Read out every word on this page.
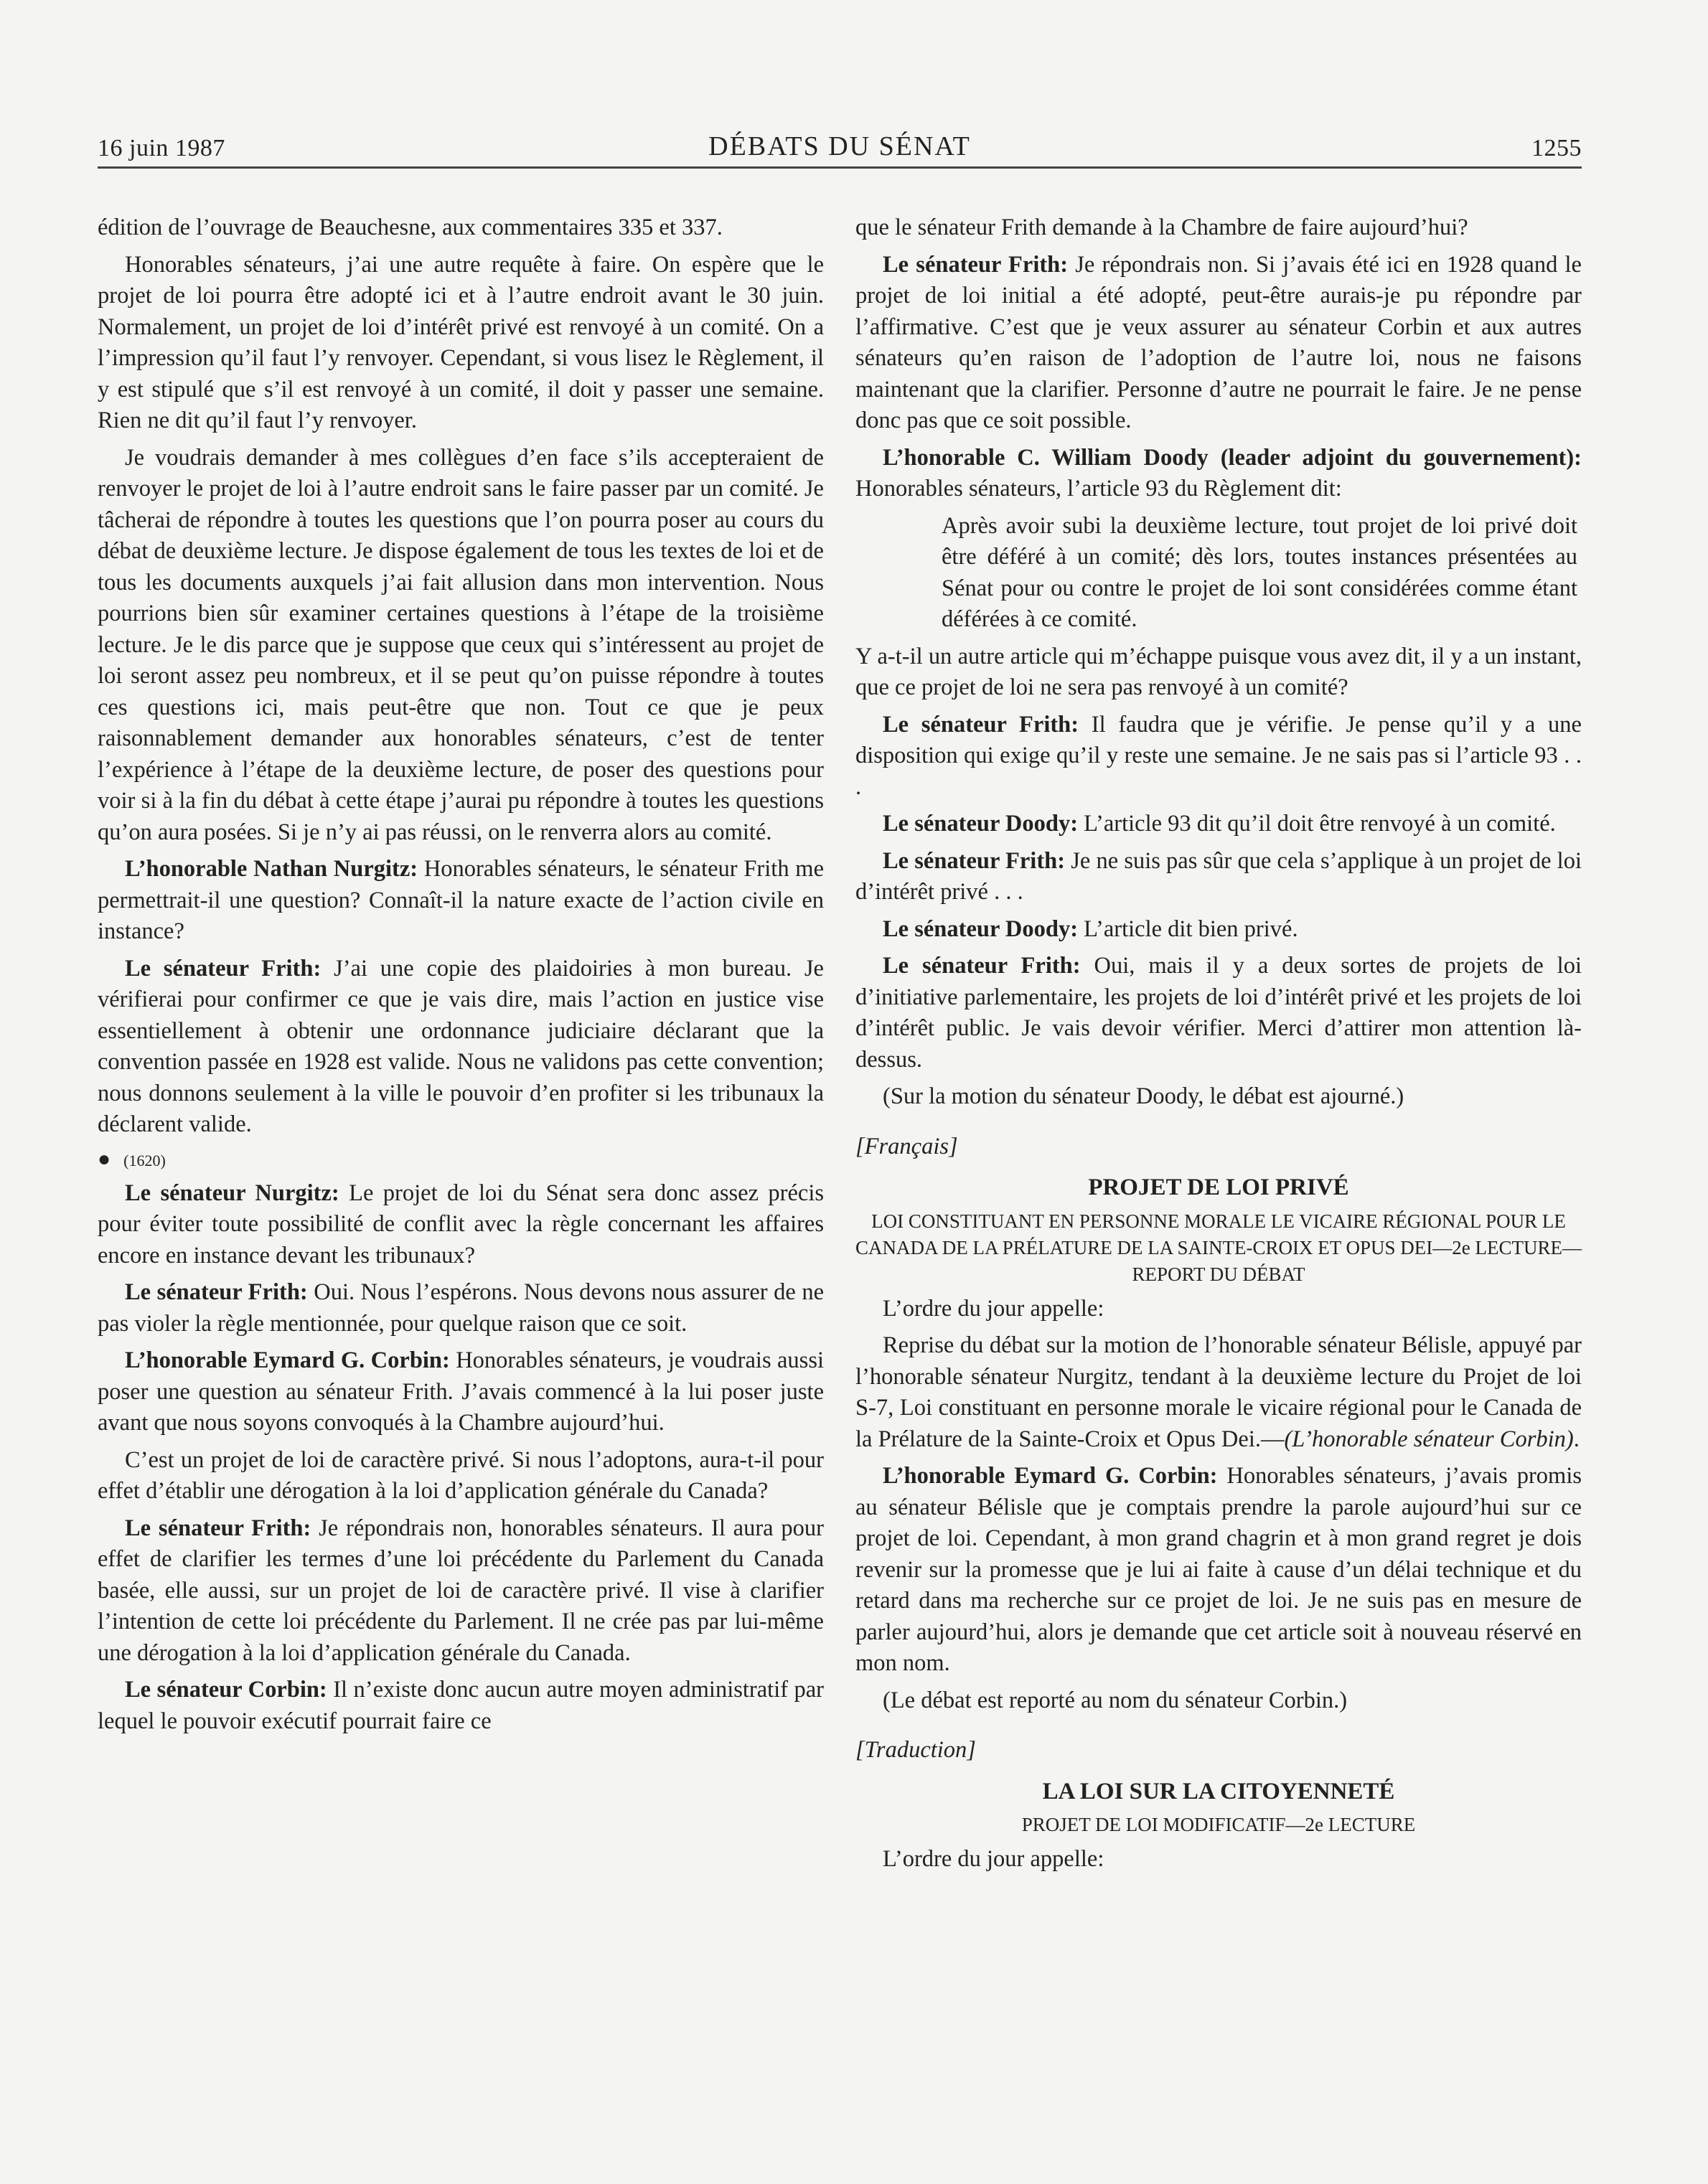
16 juin 1987	DÉBATS DU SÉNAT	1255

édition de l’ouvrage de Beauchesne, aux commentaires 335 et 337.

Honorables sénateurs, j’ai une autre requête à faire. On espère que le projet de loi pourra être adopté ici et à l’autre endroit avant le 30 juin. Normalement, un projet de loi d’intérêt privé est renvoyé à un comité. On a l’impression qu’il faut l’y renvoyer. Cependant, si vous lisez le Règlement, il y est stipulé que s’il est renvoyé à un comité, il doit y passer une semaine. Rien ne dit qu’il faut l’y renvoyer.

Je voudrais demander à mes collègues d’en face s’ils accepteraient de renvoyer le projet de loi à l’autre endroit sans le faire passer par un comité. Je tâcherai de répondre à toutes les questions que l’on pourra poser au cours du débat de deuxième lecture. Je dispose également de tous les textes de loi et de tous les documents auxquels j’ai fait allusion dans mon intervention. Nous pourrions bien sûr examiner certaines questions à l’étape de la troisième lecture. Je le dis parce que je suppose que ceux qui s’intéressent au projet de loi seront assez peu nombreux, et il se peut qu’on puisse répondre à toutes ces questions ici, mais peut-être que non. Tout ce que je peux raisonnablement demander aux honorables sénateurs, c’est de tenter l’expérience à l’étape de la deuxième lecture, de poser des questions pour voir si à la fin du débat à cette étape j’aurai pu répondre à toutes les questions qu’on aura posées. Si je n’y ai pas réussi, on le renverra alors au comité.

L’honorable Nathan Nurgitz: Honorables sénateurs, le sénateur Frith me permettrait-il une question? Connaît-il la nature exacte de l’action civile en instance?

Le sénateur Frith: J’ai une copie des plaidoiries à mon bureau. Je vérifierai pour confirmer ce que je vais dire, mais l’action en justice vise essentiellement à obtenir une ordonnance judiciaire déclarant que la convention passée en 1928 est valide. Nous ne validons pas cette convention; nous donnons seulement à la ville le pouvoir d’en profiter si les tribunaux la déclarent valide.

● (1620)

Le sénateur Nurgitz: Le projet de loi du Sénat sera donc assez précis pour éviter toute possibilité de conflit avec la règle concernant les affaires encore en instance devant les tribunaux?

Le sénateur Frith: Oui. Nous l’espérons. Nous devons nous assurer de ne pas violer la règle mentionnée, pour quelque raison que ce soit.

L’honorable Eymard G. Corbin: Honorables sénateurs, je voudrais aussi poser une question au sénateur Frith. J’avais commencé à la lui poser juste avant que nous soyons convoqués à la Chambre aujourd’hui.

C’est un projet de loi de caractère privé. Si nous l’adoptons, aura-t-il pour effet d’établir une dérogation à la loi d’application générale du Canada?

Le sénateur Frith: Je répondrais non, honorables sénateurs. Il aura pour effet de clarifier les termes d’une loi précédente du Parlement du Canada basée, elle aussi, sur un projet de loi de caractère privé. Il vise à clarifier l’intention de cette loi précédente du Parlement. Il ne crée pas par lui-même une dérogation à la loi d’application générale du Canada.

Le sénateur Corbin: Il n’existe donc aucun autre moyen administratif par lequel le pouvoir exécutif pourrait faire ce

que le sénateur Frith demande à la Chambre de faire aujourd’hui?

Le sénateur Frith: Je répondrais non. Si j’avais été ici en 1928 quand le projet de loi initial a été adopté, peut-être aurais-je pu répondre par l’affirmative. C’est que je veux assurer au sénateur Corbin et aux autres sénateurs qu’en raison de l’adoption de l’autre loi, nous ne faisons maintenant que la clarifier. Personne d’autre ne pourrait le faire. Je ne pense donc pas que ce soit possible.

L’honorable C. William Doody (leader adjoint du gouvernement): Honorables sénateurs, l’article 93 du Règlement dit:

Après avoir subi la deuxième lecture, tout projet de loi privé doit être déféré à un comité; dès lors, toutes instances présentées au Sénat pour ou contre le projet de loi sont considérées comme étant déférées à ce comité.

Y a-t-il un autre article qui m’échappe puisque vous avez dit, il y a un instant, que ce projet de loi ne sera pas renvoyé à un comité?

Le sénateur Frith: Il faudra que je vérifie. Je pense qu’il y a une disposition qui exige qu’il y reste une semaine. Je ne sais pas si l’article 93 . . .

Le sénateur Doody: L’article 93 dit qu’il doit être renvoyé à un comité.

Le sénateur Frith: Je ne suis pas sûr que cela s’applique à un projet de loi d’intérêt privé . . .

Le sénateur Doody: L’article dit bien privé.

Le sénateur Frith: Oui, mais il y a deux sortes de projets de loi d’initiative parlementaire, les projets de loi d’intérêt privé et les projets de loi d’intérêt public. Je vais devoir vérifier. Merci d’attirer mon attention là-dessus.

(Sur la motion du sénateur Doody, le débat est ajourné.)

[Français]

PROJET DE LOI PRIVÉ

LOI CONSTITUANT EN PERSONNE MORALE LE VICAIRE RÉGIONAL POUR LE CANADA DE LA PRÉLATURE DE LA SAINTE-CROIX ET OPUS DEI—2e LECTURE—REPORT DU DÉBAT

L’ordre du jour appelle:

Reprise du débat sur la motion de l’honorable sénateur Bélisle, appuyé par l’honorable sénateur Nurgitz, tendant à la deuxième lecture du Projet de loi S-7, Loi constituant en personne morale le vicaire régional pour le Canada de la Prélature de la Sainte-Croix et Opus Dei.—(L’honorable sénateur Corbin).

L’honorable Eymard G. Corbin: Honorables sénateurs, j’avais promis au sénateur Bélisle que je comptais prendre la parole aujourd’hui sur ce projet de loi. Cependant, à mon grand chagrin et à mon grand regret je dois revenir sur la promesse que je lui ai faite à cause d’un délai technique et du retard dans ma recherche sur ce projet de loi. Je ne suis pas en mesure de parler aujourd’hui, alors je demande que cet article soit à nouveau réservé en mon nom.

(Le débat est reporté au nom du sénateur Corbin.)

[Traduction]

LA LOI SUR LA CITOYENNETÉ

PROJET DE LOI MODIFICATIF—2e LECTURE

L’ordre du jour appelle:
